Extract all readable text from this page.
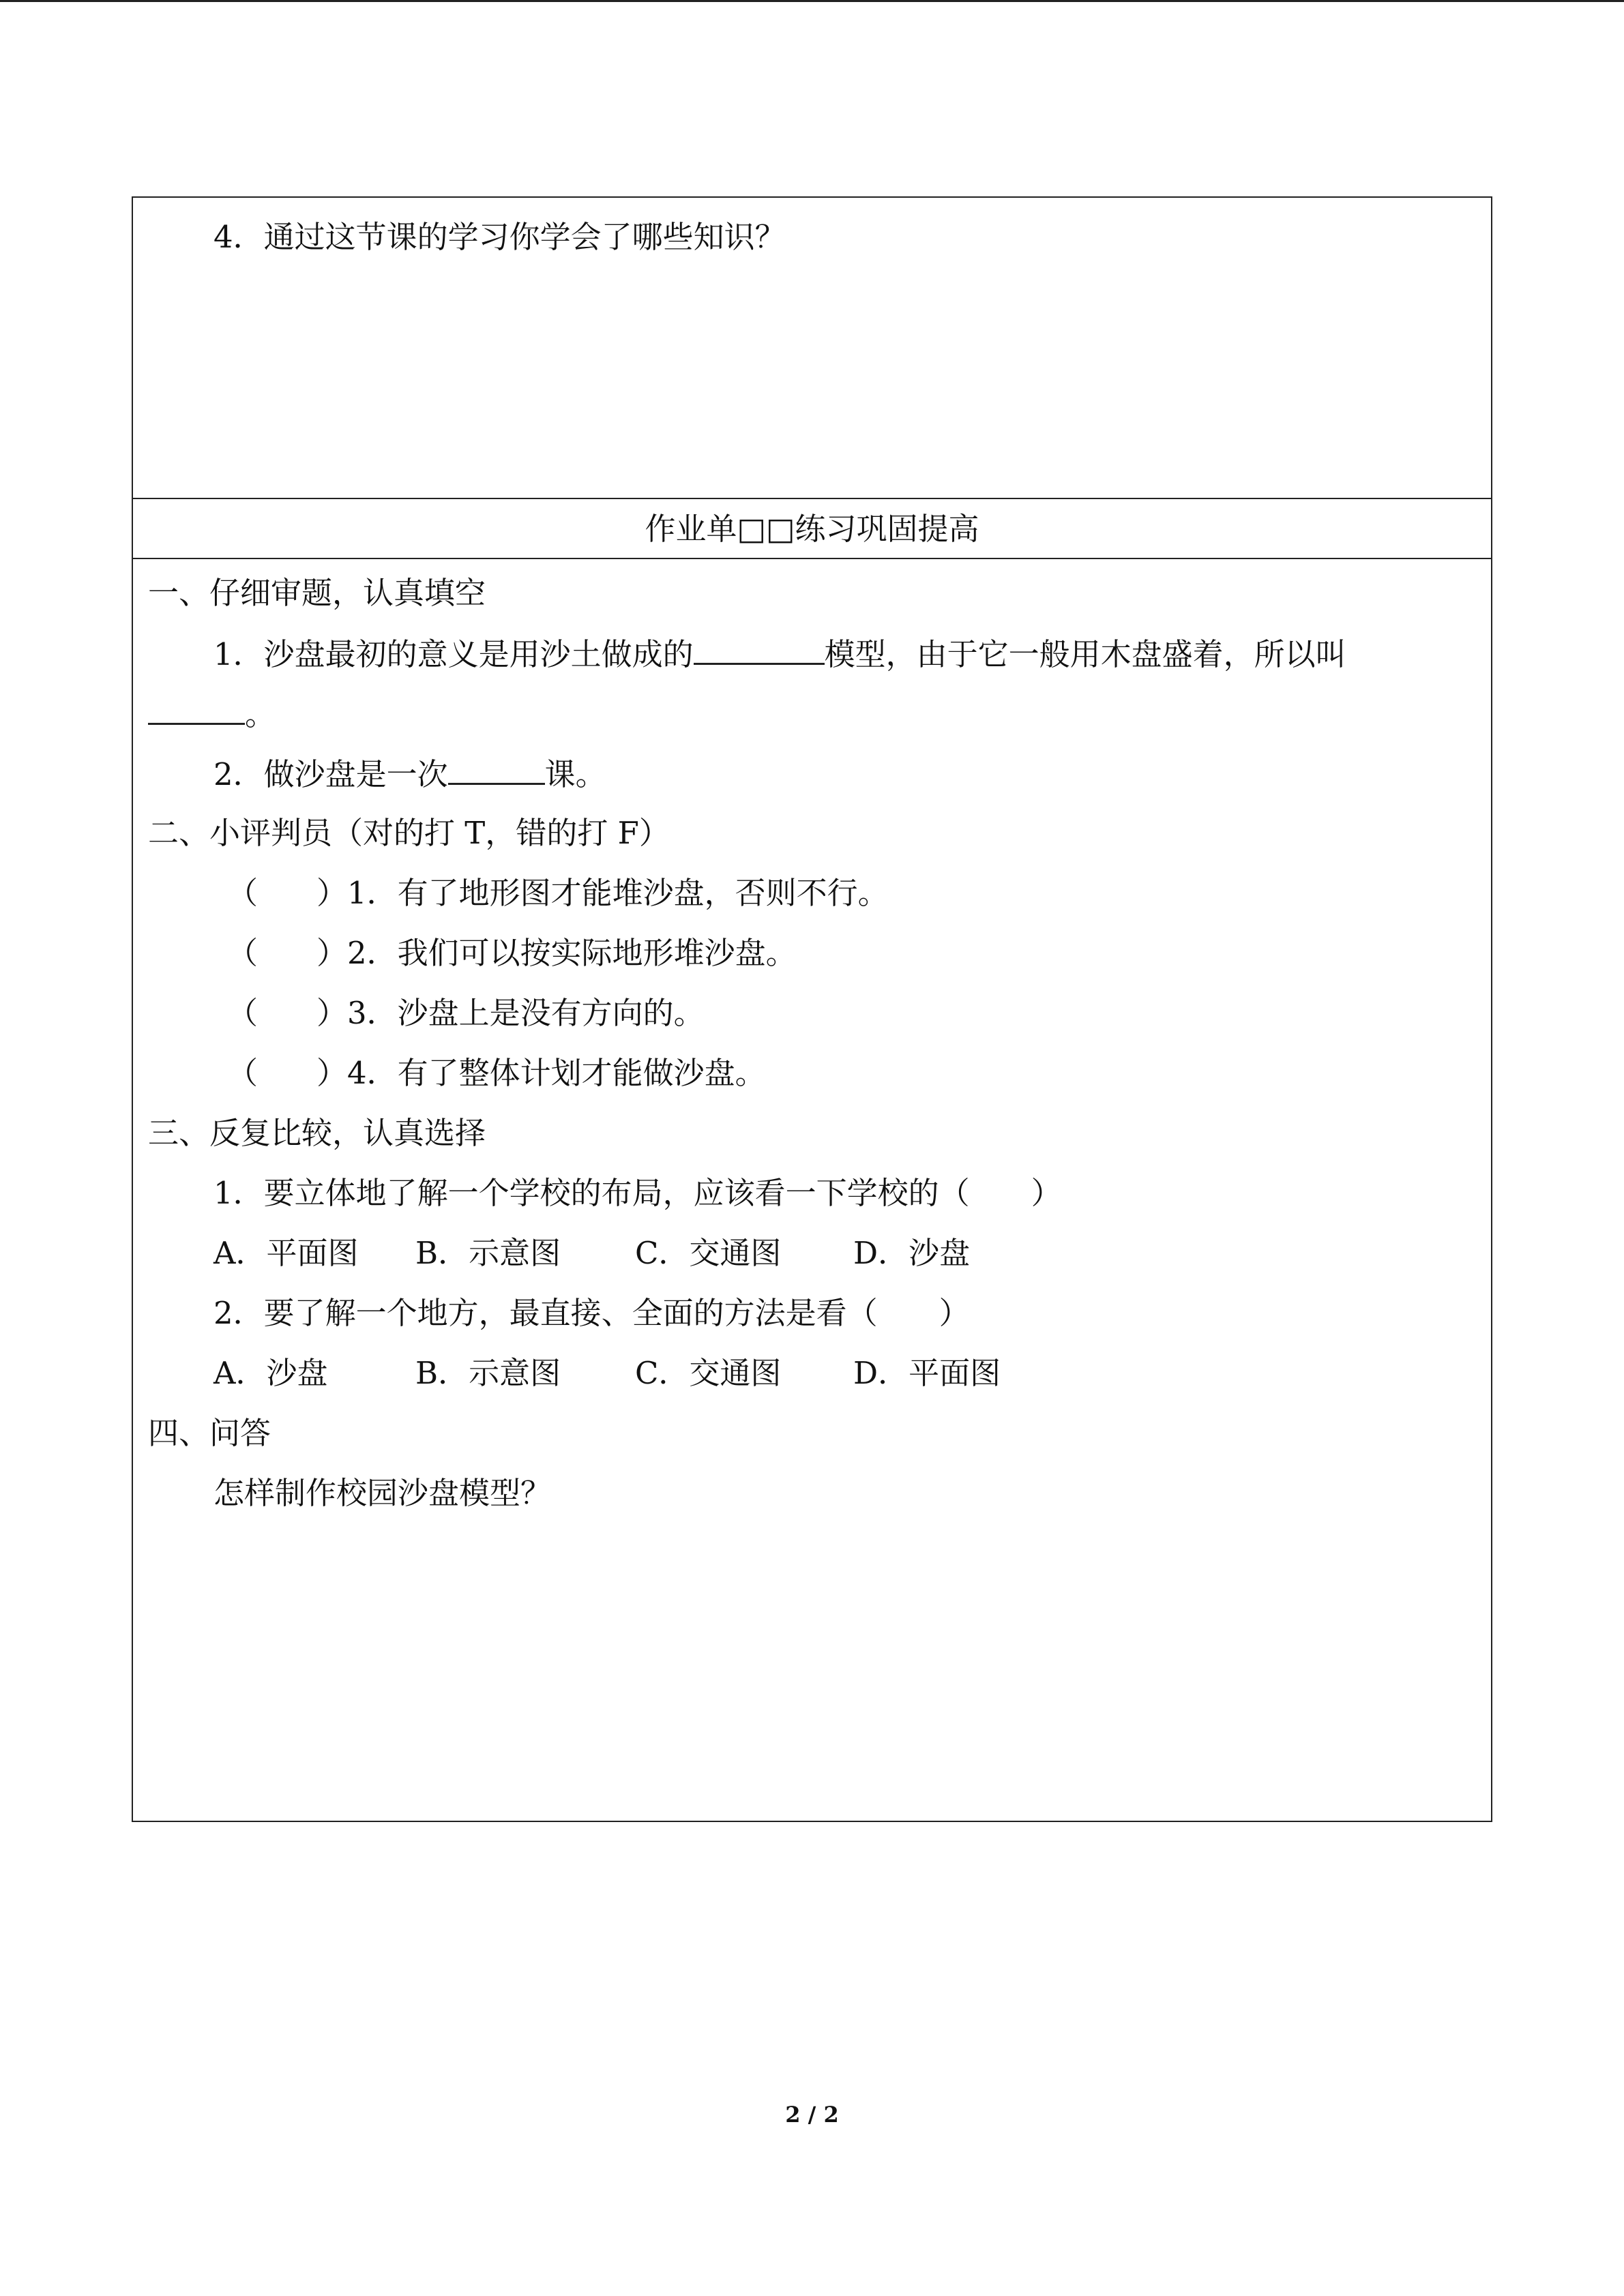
4．通过这节课的学习你学会了哪些知识？
作业单□□练习巩固提高
一、仔细审题，认真填空
1．沙盘最初的意义是用沙土做成的	模型，由于它一般用木盘盛着，所以叫
。
2．做沙盘是一次	课。
二、小评判员（对的打 T，错的打 F）
（ ）1．有了地形图才能堆沙盘，否则不行。
（ ）2．我们可以按实际地形堆沙盘。
（ ）3．沙盘上是没有方向的。
（ ）4．有了整体计划才能做沙盘。
三、反复比较，认真选择
1．要立体地了解一个学校的布局，应该看一下学校的（　　）
A．平面图 B．示意图 C．交通图 D．沙盘
2．要了解一个地方，最直接、全面的方法是看（　　）
A．沙盘	B．示意图 C．交通图 D．平面图
四、问答
怎样制作校园沙盘模型？
2 / 2
